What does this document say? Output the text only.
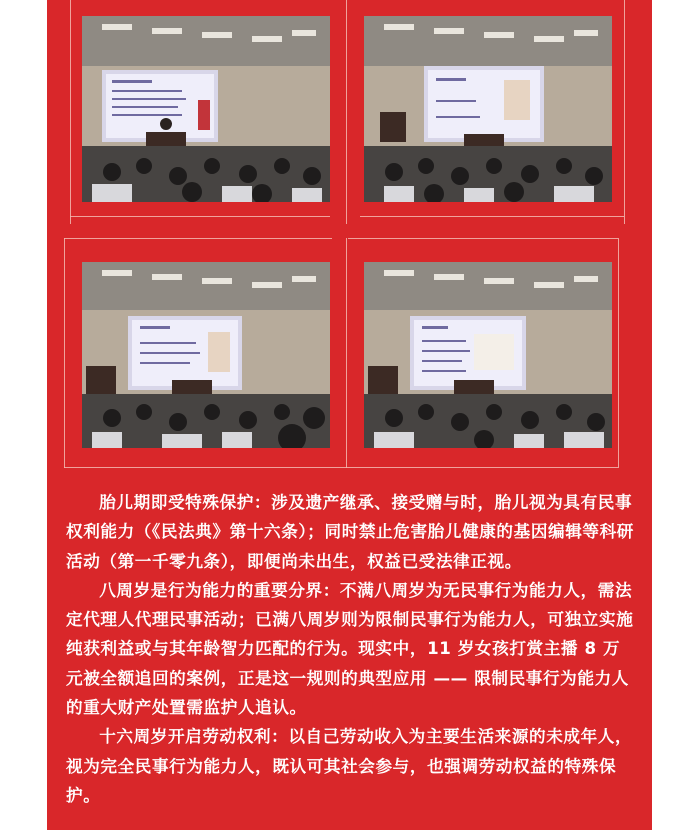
胎儿期即受特殊保护：涉及遗产继承、接受赠与时，胎儿视为具有民事权利能力（《民法典》第十六条）；同时禁止危害胎儿健康的基因编辑等科研活动（第一千零九条），即便尚未出生，权益已受法律正视。

八周岁是行为能力的重要分界：不满八周岁为无民事行为能力人，需法定代理人代理民事活动；已满八周岁则为限制民事行为能力人，可独立实施纯获利益或与其年龄智力匹配的行为。现实中，11 岁女孩打赏主播 8 万元被全额追回的案例，正是这一规则的典型应用 —— 限制民事行为能力人的重大财产处置需监护人追认。

十六周岁开启劳动权利：以自己劳动收入为主要生活来源的未成年人，视为完全民事行为能力人，既认可其社会参与，也强调劳动权益的特殊保护。
